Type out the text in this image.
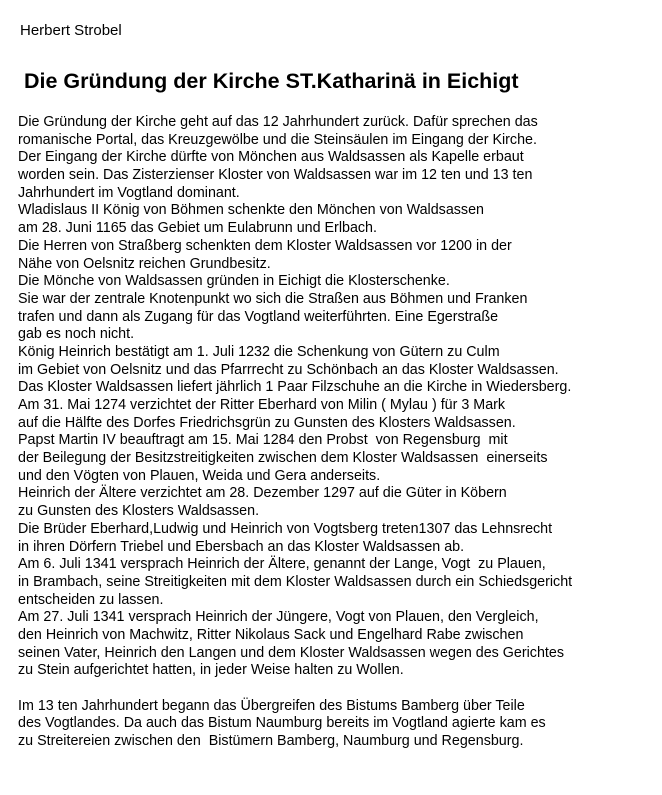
Herbert Strobel
Die Gründung der Kirche ST.Katharinä in Eichigt
Die Gründung der Kirche geht auf das 12 Jahrhundert zurück. Dafür sprechen das
romanische Portal, das Kreuzgewölbe und die Steinsäulen im Eingang der Kirche.
Der Eingang der Kirche dürfte von Mönchen aus Waldsassen als Kapelle erbaut
worden sein. Das Zisterzienser Kloster von Waldsassen war im 12 ten und 13 ten
Jahrhundert im Vogtland dominant.
Wladislaus II König von Böhmen schenkte den Mönchen von Waldsassen
am 28. Juni 1165 das Gebiet um Eulabrunn und Erlbach.
Die Herren von Straßberg schenkten dem Kloster Waldsassen vor 1200 in der
Nähe von Oelsnitz reichen Grundbesitz.
Die Mönche von Waldsassen gründen in Eichigt die Klosterschenke.
Sie war der zentrale Knotenpunkt wo sich die Straßen aus Böhmen und Franken
trafen und dann als Zugang für das Vogtland weiterführten. Eine Egerstraße
gab es noch nicht.
König Heinrich bestätigt am 1. Juli 1232 die Schenkung von Gütern zu Culm
im Gebiet von Oelsnitz und das Pfarrrecht zu Schönbach an das Kloster Waldsassen.
Das Kloster Waldsassen liefert jährlich 1 Paar Filzschuhe an die Kirche in Wiedersberg.
Am 31. Mai 1274 verzichtet der Ritter Eberhard von Milin ( Mylau ) für 3 Mark
auf die Hälfte des Dorfes Friedrichsgrün zu Gunsten des Klosters Waldsassen.
Papst Martin IV beauftragt am 15. Mai 1284 den Probst  von Regensburg  mit
der Beilegung der Besitzstreitigkeiten zwischen dem Kloster Waldsassen  einerseits
und den Vögten von Plauen, Weida und Gera anderseits.
Heinrich der Ältere verzichtet am 28. Dezember 1297 auf die Güter in Köbern
zu Gunsten des Klosters Waldsassen.
Die Brüder Eberhard,Ludwig und Heinrich von Vogtsberg treten1307 das Lehnsrecht
in ihren Dörfern Triebel und Ebersbach an das Kloster Waldsassen ab.
Am 6. Juli 1341 versprach Heinrich der Ältere, genannt der Lange, Vogt  zu Plauen,
in Brambach, seine Streitigkeiten mit dem Kloster Waldsassen durch ein Schiedsgericht
entscheiden zu lassen.
Am 27. Juli 1341 versprach Heinrich der Jüngere, Vogt von Plauen, den Vergleich,
den Heinrich von Machwitz, Ritter Nikolaus Sack und Engelhard Rabe zwischen
seinen Vater, Heinrich den Langen und dem Kloster Waldsassen wegen des Gerichtes
zu Stein aufgerichtet hatten, in jeder Weise halten zu Wollen.
Im 13 ten Jahrhundert begann das Übergreifen des Bistums Bamberg über Teile
des Vogtlandes. Da auch das Bistum Naumburg bereits im Vogtland agierte kam es
zu Streitereien zwischen den  Bistümern Bamberg, Naumburg und Regensburg.
